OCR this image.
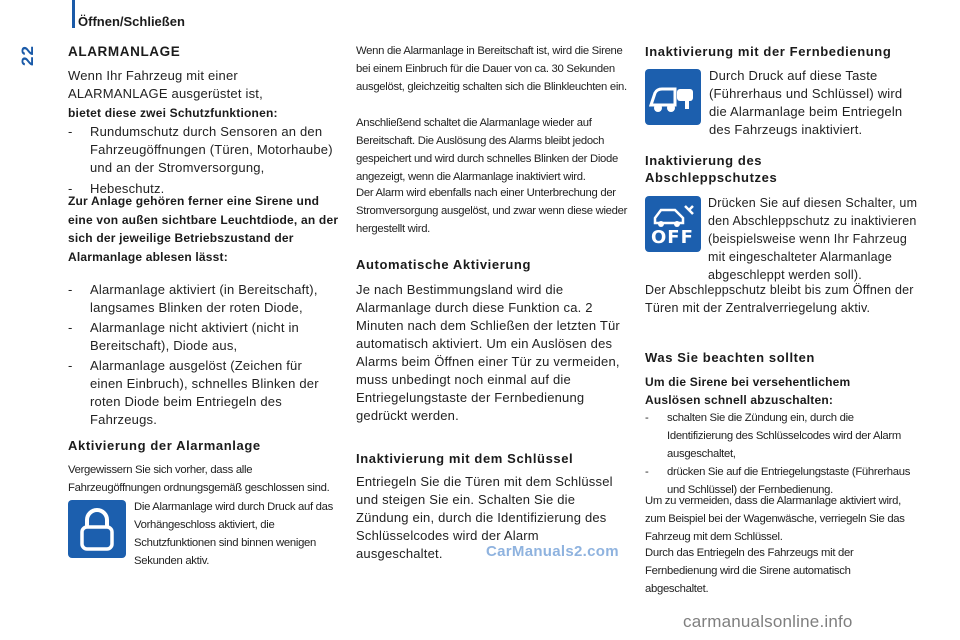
22
Öffnen/Schließen
ALARMANLAGE
Wenn Ihr Fahrzeug mit einer ALARMANLAGE ausgerüstet ist,
bietet diese zwei Schutzfunktionen:
- Rundumschutz durch Sensoren an den Fahrzeugöffnungen (Türen, Motorhaube) und an der Stromversorgung,
- Hebeschutz.
Zur Anlage gehören ferner eine Sirene und eine von außen sichtbare Leuchtdiode, an der sich der jeweilige Betriebszustand der Alarmanlage ablesen lässt:
- Alarmanlage aktiviert (in Bereitschaft), langsames Blinken der roten Diode,
- Alarmanlage nicht aktiviert (nicht in Bereitschaft), Diode aus,
- Alarmanlage ausgelöst (Zeichen für einen Einbruch), schnelles Blinken der roten Diode beim Entriegeln des Fahrzeugs.
Aktivierung der Alarmanlage
Vergewissern Sie sich vorher, dass alle Fahrzeugöffnungen ordnungsgemäß geschlossen sind.
Die Alarmanlage wird durch Druck auf das Vorhängeschloss aktiviert, die Schutzfunktionen sind binnen wenigen Sekunden aktiv.
Wenn die Alarmanlage in Bereitschaft ist, wird die Sirene bei einem Einbruch für die Dauer von ca. 30 Sekunden ausgelöst, gleichzeitig schalten sich die Blinkleuchten ein.
Anschließend schaltet die Alarmanlage wieder auf Bereitschaft. Die Auslösung des Alarms bleibt jedoch gespeichert und wird durch schnelles Blinken der Diode angezeigt, wenn die Alarmanlage inaktiviert wird.
Der Alarm wird ebenfalls nach einer Unterbrechung der Stromversorgung ausgelöst, und zwar wenn diese wieder hergestellt wird.
Automatische Aktivierung
Je nach Bestimmungsland wird die Alarmanlage durch diese Funktion ca. 2 Minuten nach dem Schließen der letzten Tür automatisch aktiviert. Um ein Auslösen des Alarms beim Öffnen einer Tür zu vermeiden, muss unbedingt noch einmal auf die Entriegelungstaste der Fernbedienung gedrückt werden.
Inaktivierung mit dem Schlüssel
Entriegeln Sie die Türen mit dem Schlüssel und steigen Sie ein. Schalten Sie die Zündung ein, durch die Identifizierung des Schlüsselcodes wird der Alarm ausgeschaltet.
Inaktivierung mit der Fernbedienung
Durch Druck auf diese Taste (Führerhaus und Schlüssel) wird die Alarmanlage beim Entriegeln des Fahrzeugs inaktiviert.
Inaktivierung des Abschleppschutzes
OFF
Drücken Sie auf diesen Schalter, um den Abschleppschutz zu inaktivieren (beispielsweise wenn Ihr Fahrzeug mit eingeschalteter Alarmanlage abgeschleppt werden soll).
Der Abschleppschutz bleibt bis zum Öffnen der Türen mit der Zentralverriegelung aktiv.
Was Sie beachten sollten
Um die Sirene bei versehentlichem Auslösen schnell abzuschalten:
- schalten Sie die Zündung ein, durch die Identifizierung des Schlüsselcodes wird der Alarm ausgeschaltet,
- drücken Sie auf die Entriegelungstaste (Führerhaus und Schlüssel) der Fernbedienung.
Um zu vermeiden, dass die Alarmanlage aktiviert wird, zum Beispiel bei der Wagenwäsche, verriegeln Sie das Fahrzeug mit dem Schlüssel.
Durch das Entriegeln des Fahrzeugs mit der Fernbedienung wird die Sirene automatisch abgeschaltet.
CarManuals2.com
carmanualsonline.info
